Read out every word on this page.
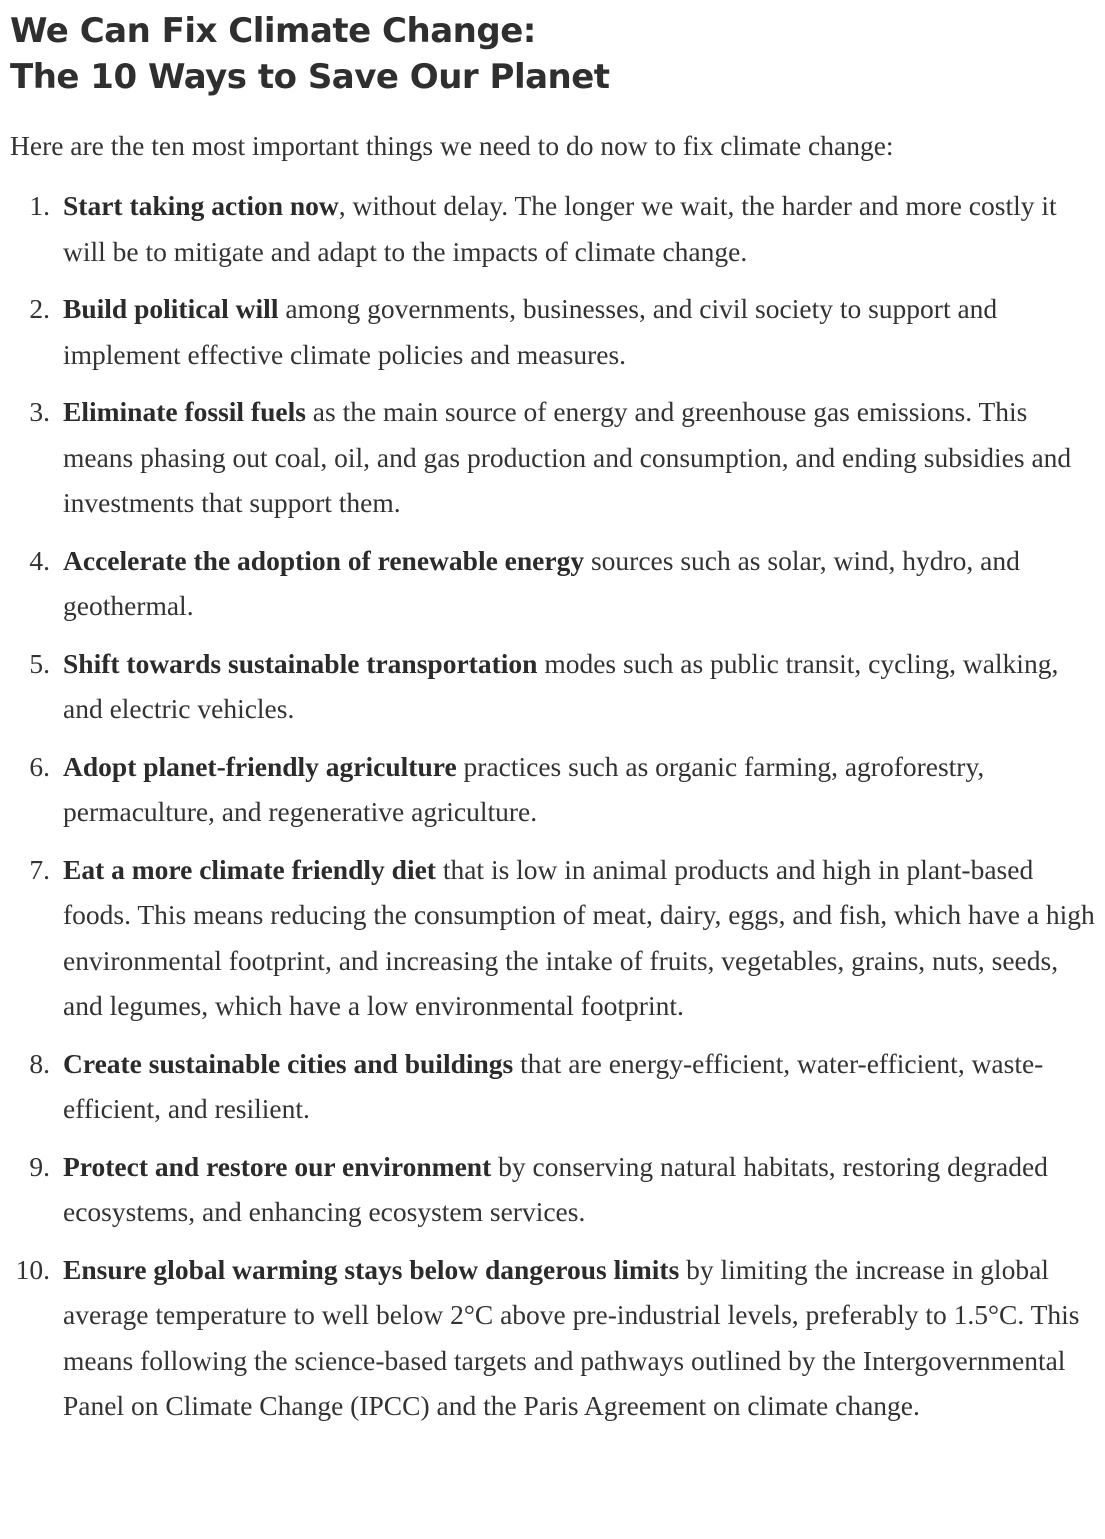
We Can Fix Climate Change:
The 10 Ways to Save Our Planet

Here are the ten most important things we need to do now to fix climate change:

1. Start taking action now, without delay. The longer we wait, the harder and more costly it will be to mitigate and adapt to the impacts of climate change.
2. Build political will among governments, businesses, and civil society to support and implement effective climate policies and measures.
3. Eliminate fossil fuels as the main source of energy and greenhouse gas emissions. This means phasing out coal, oil, and gas production and consumption, and ending subsidies and investments that support them.
4. Accelerate the adoption of renewable energy sources such as solar, wind, hydro, and geothermal.
5. Shift towards sustainable transportation modes such as public transit, cycling, walking, and electric vehicles.
6. Adopt planet-friendly agriculture practices such as organic farming, agroforestry, permaculture, and regenerative agriculture.
7. Eat a more climate friendly diet that is low in animal products and high in plant-based foods. This means reducing the consumption of meat, dairy, eggs, and fish, which have a high environmental footprint, and increasing the intake of fruits, vegetables, grains, nuts, seeds, and legumes, which have a low environmental footprint.
8. Create sustainable cities and buildings that are energy-efficient, water-efficient, waste-efficient, and resilient.
9. Protect and restore our environment by conserving natural habitats, restoring degraded ecosystems, and enhancing ecosystem services.
10. Ensure global warming stays below dangerous limits by limiting the increase in global average temperature to well below 2°C above pre-industrial levels, preferably to 1.5°C. This means following the science-based targets and pathways outlined by the Intergovernmental Panel on Climate Change (IPCC) and the Paris Agreement on climate change.
